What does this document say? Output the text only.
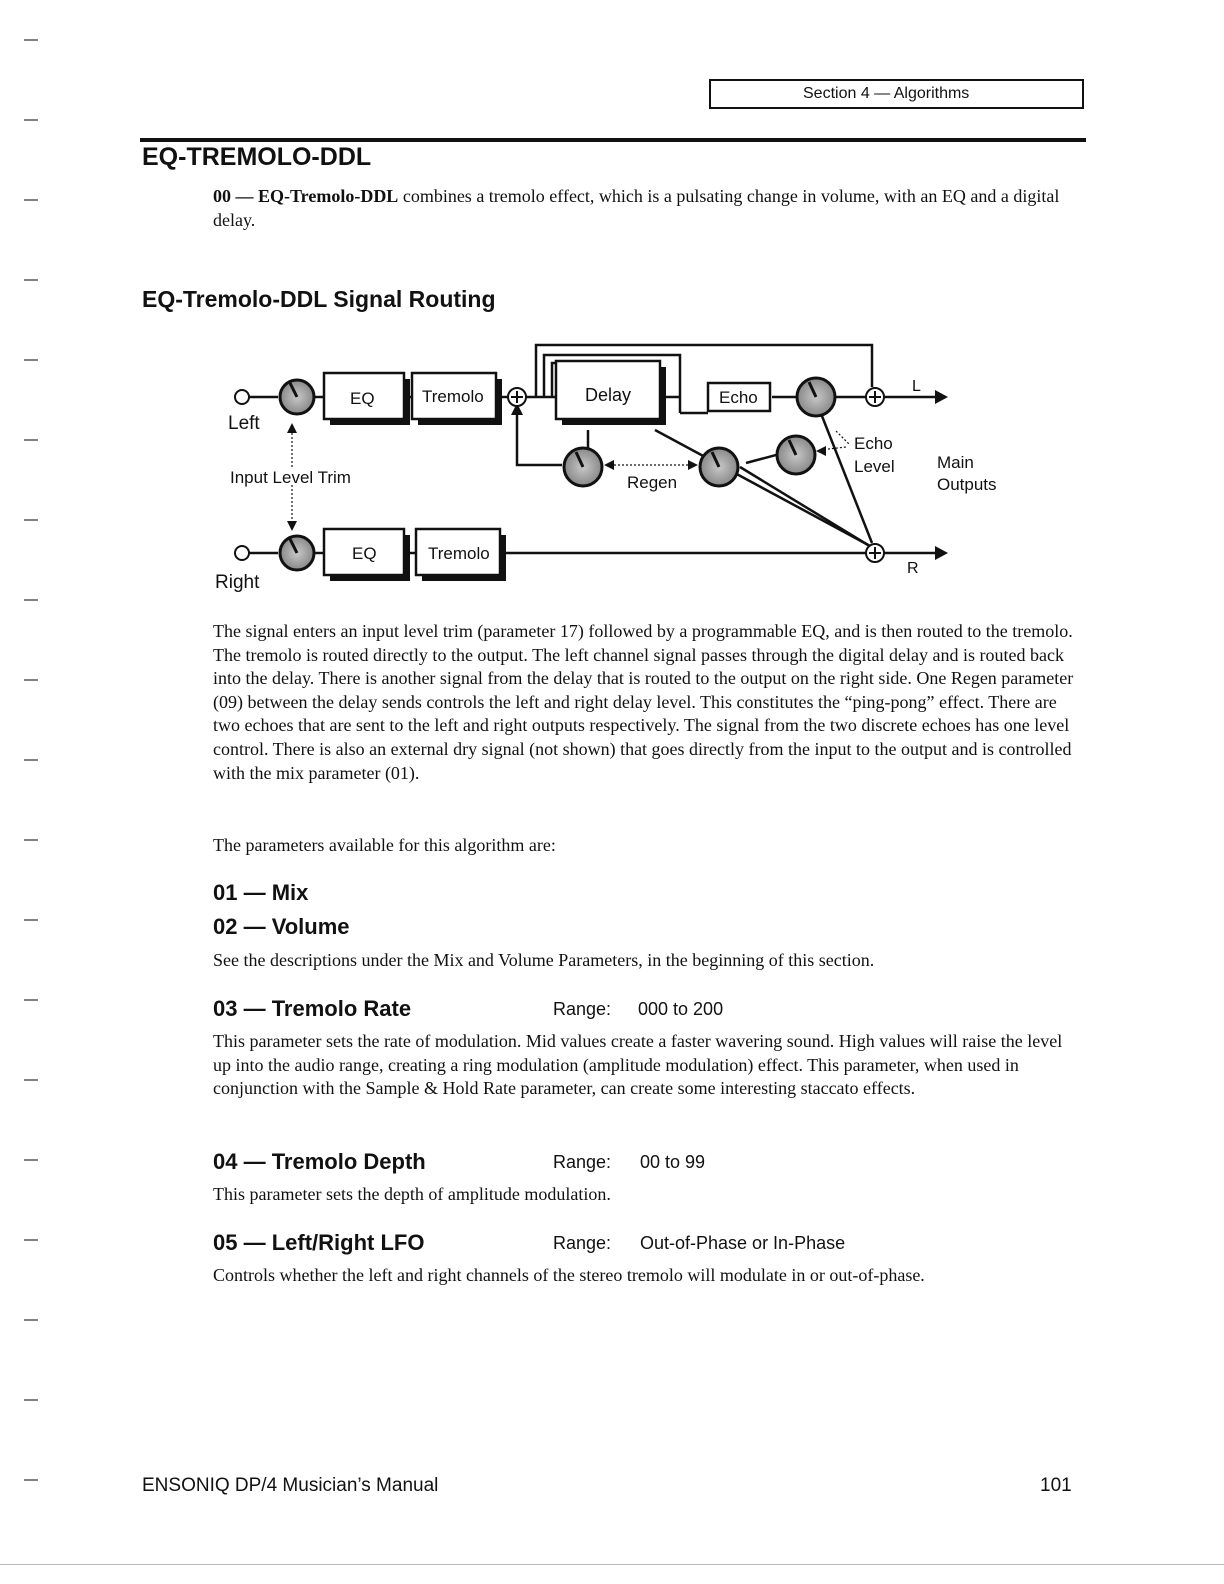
Section 4 — Algorithms
EQ-TREMOLO-DDL

00 — EQ-Tremolo-DDL combines a tremolo effect, which is a pulsating change in volume, with an EQ and a digital delay.

EQ-Tremolo-DDL Signal Routing
EQ	Tremolo	Delay	Echo
EQ	Tremolo
Left
Right
Input Level Trim	Regen
Echo
Level Main
Outputs
L
R

The signal enters an input level trim (parameter 17) followed by a programmable EQ, and is then routed to the tremolo. The tremolo is routed directly to the output. The left channel signal passes through the digital delay and is routed back into the delay. There is another signal from the delay that is routed to the output on the right side. One Regen parameter (09) between the delay sends controls the left and right delay level. This constitutes the “ping-pong” effect. There are two echoes that are sent to the left and right outputs respectively. The signal from the two discrete echoes has one level control. There is also an external dry signal (not shown) that goes directly from the input to the output and is controlled with the mix parameter (01).

The parameters available for this algorithm are:

01 — Mix
02 — Volume

See the descriptions under the Mix and Volume Parameters, in the beginning of this section.

03 — Tremolo Rate	Range: 000 to 200

This parameter sets the rate of modulation. Mid values create a faster wavering sound. High values will raise the level up into the audio range, creating a ring modulation (amplitude modulation) effect. This parameter, when used in conjunction with the Sample & Hold Rate parameter, can create some interesting staccato effects.

04 — Tremolo Depth	Range: 00 to 99

This parameter sets the depth of amplitude modulation.

05 — Left/Right LFO	Range: Out-of-Phase or In-Phase

Controls whether the left and right channels of the stereo tremolo will modulate in or out-of-phase.

ENSONIQ DP/4 Musician’s Manual	101
